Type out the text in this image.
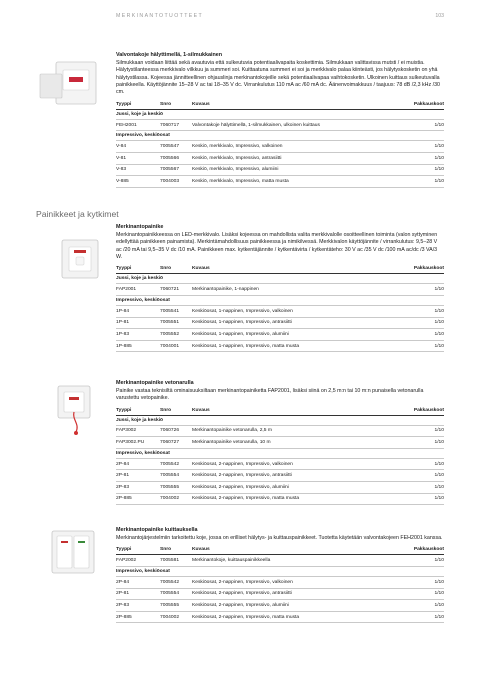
MERKINANTOTUOTTEET	103
Painikkeet ja kytkimet
Valvontakoje hälyttimellä, 1-silmukkainen

Silmukkaan voidaan liittää sekä avautuvia että sulkeutuvia potentiaalivapaita koskettimia. Silmukkaan valittavissa mutsti / ei muistia. Hälytystilanteessa merkkivalo vilkkuu ja summeri soi. Kuittaatuna summeri ei soi ja merkkivalo palaa kiinteästi, jos hälytyskosketin on yhä hälytystilassa. Kojeessa jännitteellinen ohjauslinja merkinantokojeille sekä potentiaalivapaa vaihtokosketin. Ulkoinen kuittaus sulkeutuvalla painikkeella. Käyttöjännite 15–28 V ac tai 18–35 V dc. Virrankulutus 110 mA ac /60 mA dc. Äänenvoimakkuus / taajuus: 78 dB /2,3 kHz /30 cm.

Tyyppi	Snro	Kuvaus	Pakkauskoot
Jussi, koje ja keskiö			
FEH2001	7060717	Valvontakoje hälyttimellä, 1-silmukkainen, ulkoinen kuittaus	1/10
Impressivo, keskiöosat			
V-84	7005547	Keskiö, merkkivalo, Impressivo, valkoinen	1/10
V-81	7005566	Keskiö, merkkivalo, Impressivo, antrasiitti	1/10
V-83	7005567	Keskiö, merkkivalo, Impressivo, alumiini	1/10
V-885	7004003	Keskiö, merkkivalo, Impressivo, matta musta	1/10
Merkinantopainike

Merkinantopainikkeessa on LED-merkkivalo. Lisäksi kojeessa on mahdollista valita merkkivalolle osoitteellinen toiminta (valon syttyminen edellyttää painikkeen painamista). Merkintämahdollisuus painikkeessa ja nimikilvessä. Merkkivalon käyttöjännite / virrankulutus: 9,5–28 V ac /20 mA tai 9,5–35 V dc /10 mA. Painikkeen max. kytkentäjännite / kytkentävirta / kytkentäteho: 30 V ac /35 V dc /100 mA ac/dc /3 VA/3 W.

Tyyppi	Snro	Kuvaus	Pakkauskoot
Jussi, koje ja keskiö			
FAP2001	7060721	Merkinantopainike, 1-nappinen	1/10
Impressivo, keskiöosat			
1P-84	7005541	Keskiöosat, 1-nappinen, Impressivo, valkoinen	1/10
1P-81	7005551	Keskiöosat, 1-nappinen, Impressivo, antrasiitti	1/10
1P-83	7005552	Keskiöosat, 1-nappinen, Impressivo, alumiini	1/10
1P-885	7004001	Keskiöosat, 1-nappinen, Impressivo, matta musta	1/10
Merkinantopainike vetonarulla

Painike vastaa teknisiltä ominaisuuksiltaan merkinantopainiketta FAP2001, lisäksi siinä on 2,5 m:n tai 10 m:n punaisella vetonarulla varustettu vetopainike.

Tyyppi	Snro	Kuvaus	Pakkauskoot
Jussi, koje ja keskiö			
FAP3002	7060726	Merkinantopainike vetonarulla, 2,5 m	1/10
FAP3002.PU	7060727	Merkinantopainike vetonarulla, 10 m	1/10
Impressivo, keskiöosat			
2P-84	7005542	Keskiöosat, 2-nappinen, Impressivo, valkoinen	1/10
2P-81	7005554	Keskiöosat, 2-nappinen, Impressivo, antrasiitti	1/10
2P-83	7005555	Keskiöosat, 2-nappinen, Impressivo, alumiini	1/10
2P-885	7004002	Keskiöosat, 2-nappinen, Impressivo, matta musta	1/10
Merkinantopainike kuittauksella

Merkinantojärjestelmiin tarkoitettu koje, jossa on erilliset hälytys- ja kuittauspainikkeet. Tuotetta käytetään valvontakojeen FEH2001 kanssa.

Tyyppi	Snro	Kuvaus	Pakkauskoot
FAP2002	7005581	Merkinantokoje, kuittauspainikkeella	1/10
Impressivo, keskiöosat			
2P-84	7005542	Keskiöosat, 2-nappinen, Impressivo, valkoinen	1/10
2P-81	7005554	Keskiöosat, 2-nappinen, Impressivo, antrasiitti	1/10
2P-83	7005555	Keskiöosat, 2-nappinen, Impressivo, alumiini	1/10
2P-885	7004002	Keskiöosat, 2-nappinen, Impressivo, matta musta	1/10
